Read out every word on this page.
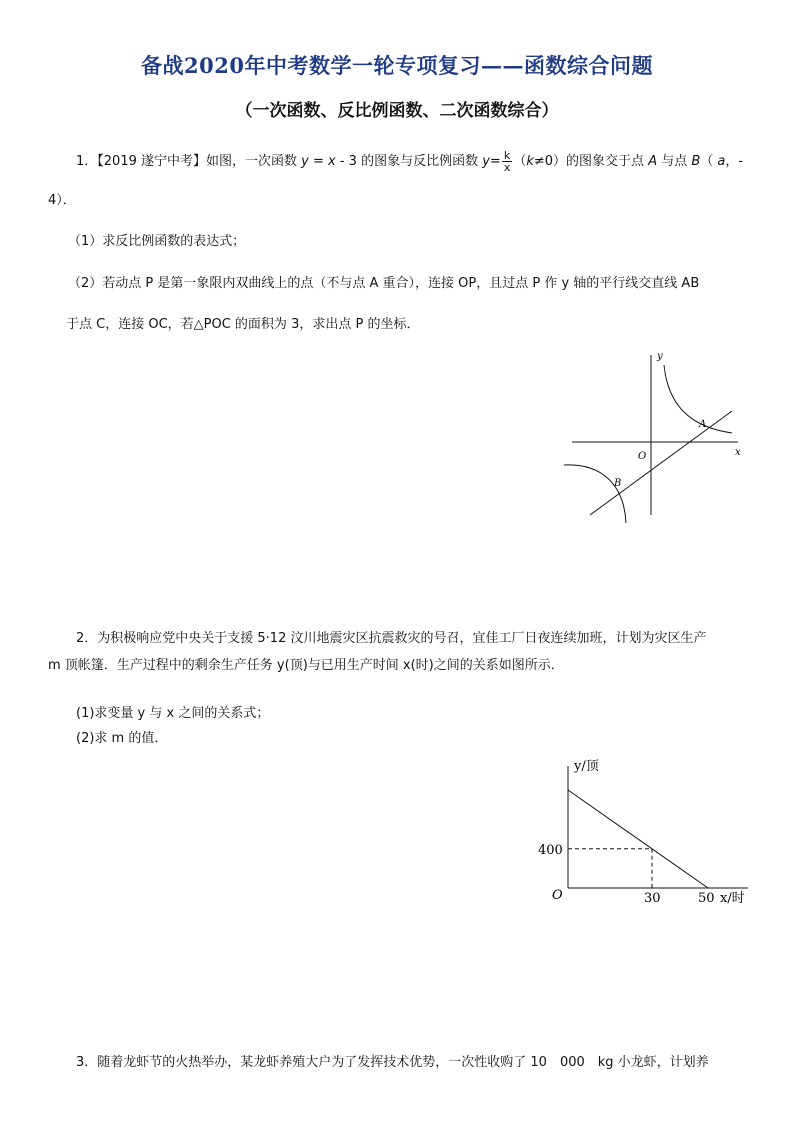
备战2020年中考数学一轮专项复习——函数综合问题
（一次函数、反比例函数、二次函数综合）
1．【2019 遂宁中考】如图，一次函数 y = x - 3 的图象与反比例函数 $y= \frac{k}{x} (k\ne 0)$的图象交于点 A 与点 B（ a，-
4）．
（1）求反比例函数的表达式；
（2）若动点 P 是第一象限内双曲线上的点（不与点 A 重合），连接 OP，且过点 P 作 y 轴的平行线交直线 AB
于点 C，连接 OC，若△POC 的面积为 3，求出点 P 的坐标．
y
x
O
A
B
2．为积极响应党中央关于支援 5·12 汶川地震灾区抗震救灾的号召，宜佳工厂日夜连续加班，计划为灾区生产
m 顶帐篷．生产过程中的剩余生产任务 y(顶)与已用生产时间 x(时)之间的关系如图所示．
(1)求变量 y 与 x 之间的关系式；
(2)求 m 的值．
y/顶
x/时
O
400
30	50
3．随着龙虾节的火热举办，某龙虾养殖大户为了发挥技术优势，一次性收购了 10　000　kg 小龙虾，计划养
